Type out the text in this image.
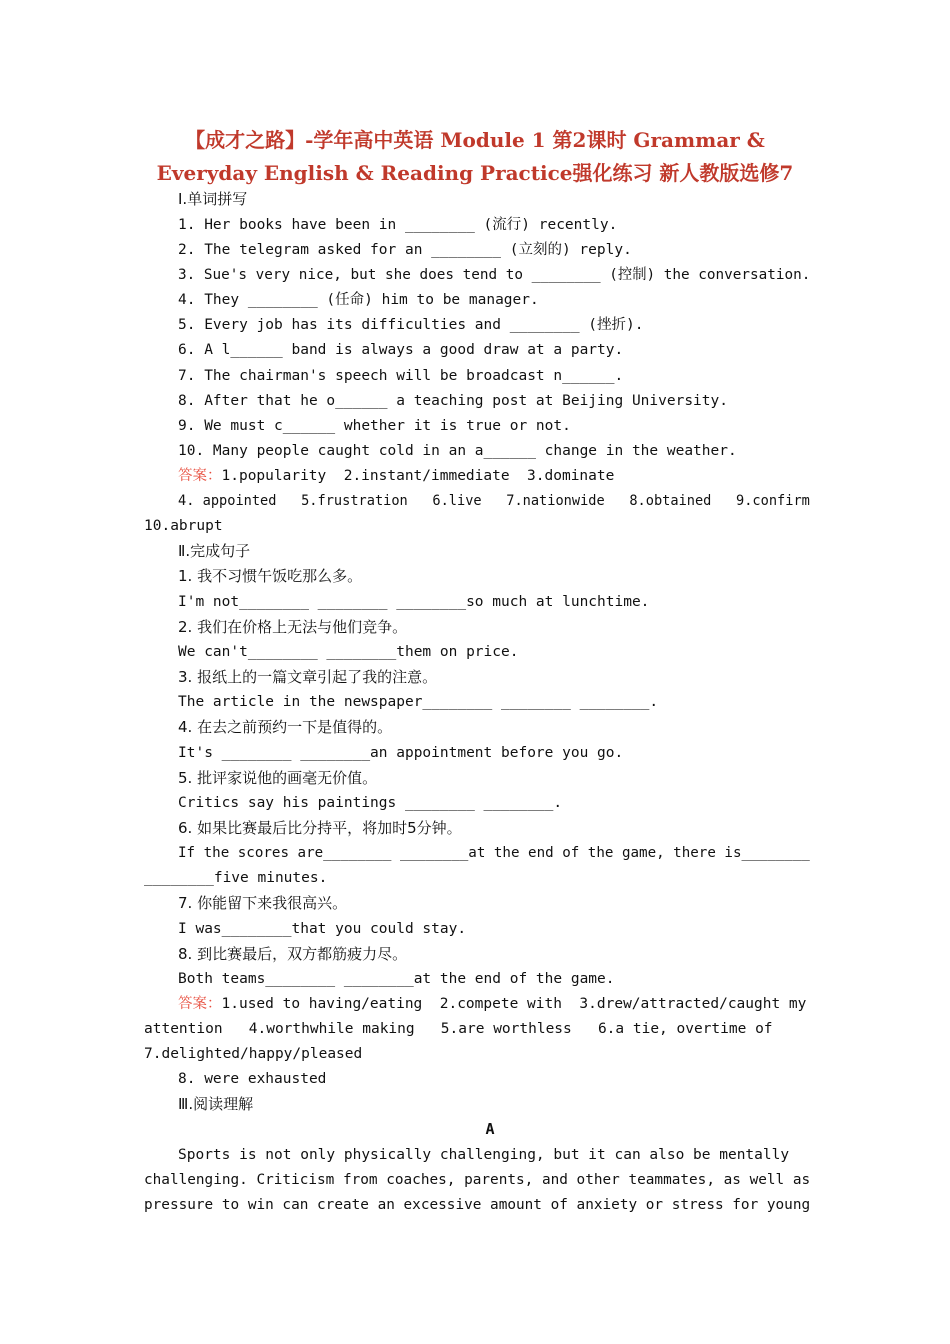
【成才之路】-学年高中英语 Module 1 第2课时 Grammar &
Everyday English & Reading Practice强化练习 新人教版选修7
Ⅰ.单词拼写
1. Her books have been in ________ (流行) recently.
2. The telegram asked for an ________ (立刻的) reply.
3. Sue's very nice, but she does tend to ________ (控制) the conversation.
4. They ________ (任命) him to be manager.
5. Every job has its difficulties and ________ (挫折).
6. A l______ band is always a good draw at a party.
7. The chairman's speech will be broadcast n______.
8. After that he o______ a teaching post at Beijing University.
9. We must c______ whether it is true or not.
10. Many people caught cold in an a______ change in the weather.
答案：1.popularity  2.instant/immediate  3.dominate
4. appointed   5.frustration   6.live   7.nationwide   8.obtained   9.confirm
10.abrupt
Ⅱ.完成句子
1. 我不习惯午饭吃那么多。
I'm not________ ________ ________so much at lunchtime.
2. 我们在价格上无法与他们竞争。
We can't________ ________them on price.
3. 报纸上的一篇文章引起了我的注意。
The article in the newspaper________ ________ ________.
4. 在去之前预约一下是值得的。
It's ________ ________an appointment before you go.
5. 批评家说他的画毫无价值。
Critics say his paintings ________ ________.
6. 如果比赛最后比分持平，将加时5分钟。
If the scores are________ ________at the end of the game, there is________
________five minutes.
7. 你能留下来我很高兴。
I was________that you could stay.
8. 到比赛最后，双方都筋疲力尽。
Both teams________ ________at the end of the game.
答案：1.used to having/eating  2.compete with  3.drew/attracted/caught my
attention   4.worthwhile making   5.are worthless   6.a tie, overtime of
7.delighted/happy/pleased
8. were exhausted
Ⅲ.阅读理解
A
Sports is not only physically challenging, but it can also be mentally
challenging. Criticism from coaches, parents, and other teammates, as well as
pressure to win can create an excessive amount of anxiety or stress for young
